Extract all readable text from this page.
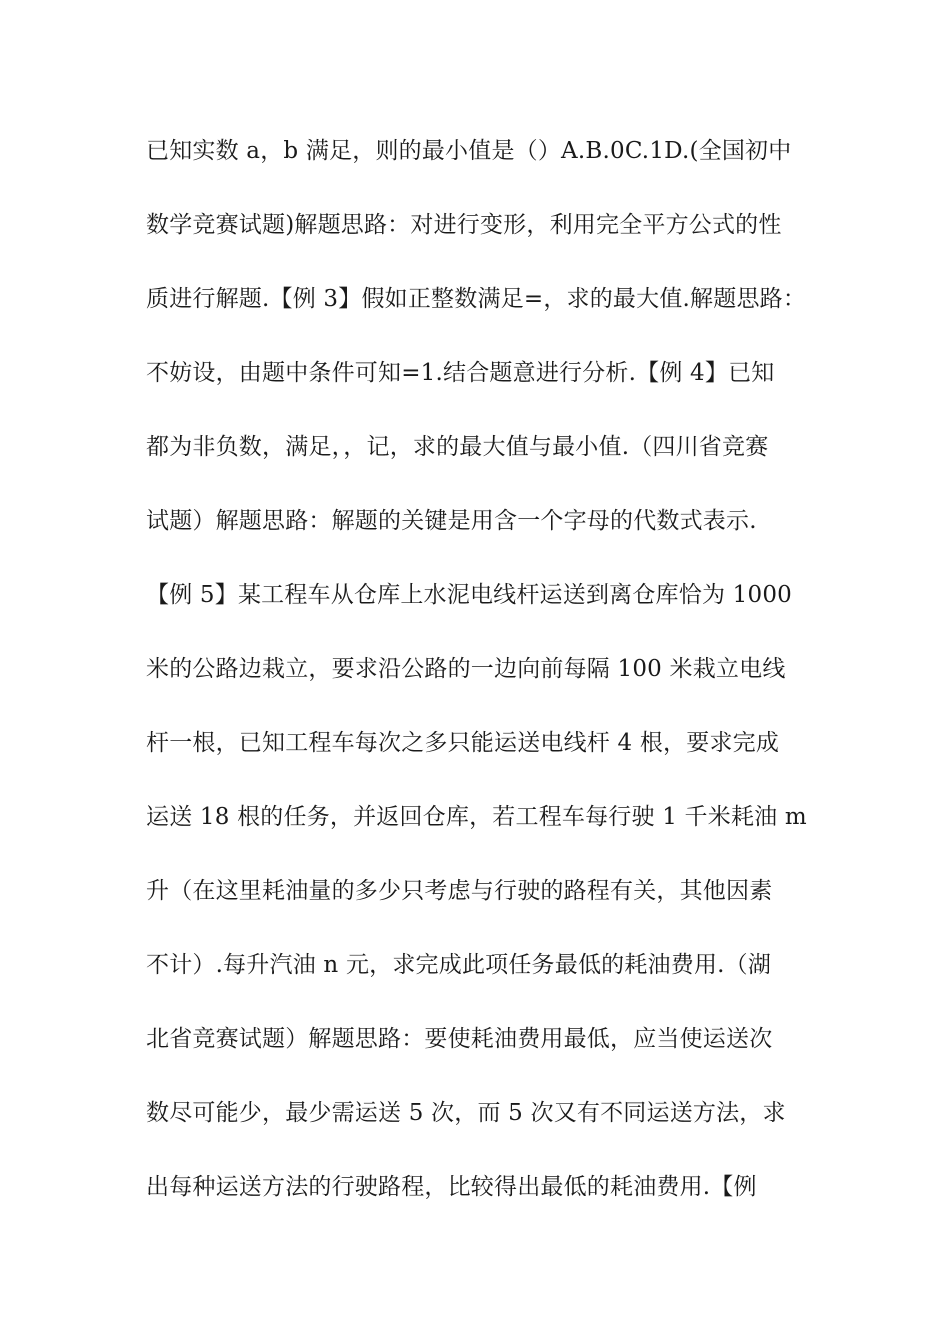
已知实数 a，b 满足，则的最小值是（）A.B.0C.1D.(全国初中
数学竞赛试题)解题思路：对进行变形，利用完全平方公式的性
质进行解题.【例 3】假如正整数满足=，求的最大值.解题思路：
不妨设，由题中条件可知=1.结合题意进行分析.【例 4】已知
都为非负数，满足，，记，求的最大值与最小值.（四川省竞赛
试题）解题思路：解题的关键是用含一个字母的代数式表示.
【例 5】某工程车从仓库上水泥电线杆运送到离仓库恰为 1000
米的公路边栽立，要求沿公路的一边向前每隔 100 米栽立电线
杆一根，已知工程车每次之多只能运送电线杆 4 根，要求完成
运送 18 根的任务，并返回仓库，若工程车每行驶 1 千米耗油 m
升（在这里耗油量的多少只考虑与行驶的路程有关，其他因素
不计）.每升汽油 n 元，求完成此项任务最低的耗油费用.（湖
北省竞赛试题）解题思路：要使耗油费用最低，应当使运送次
数尽可能少，最少需运送 5 次，而 5 次又有不同运送方法，求
出每种运送方法的行驶路程，比较得出最低的耗油费用.【例
